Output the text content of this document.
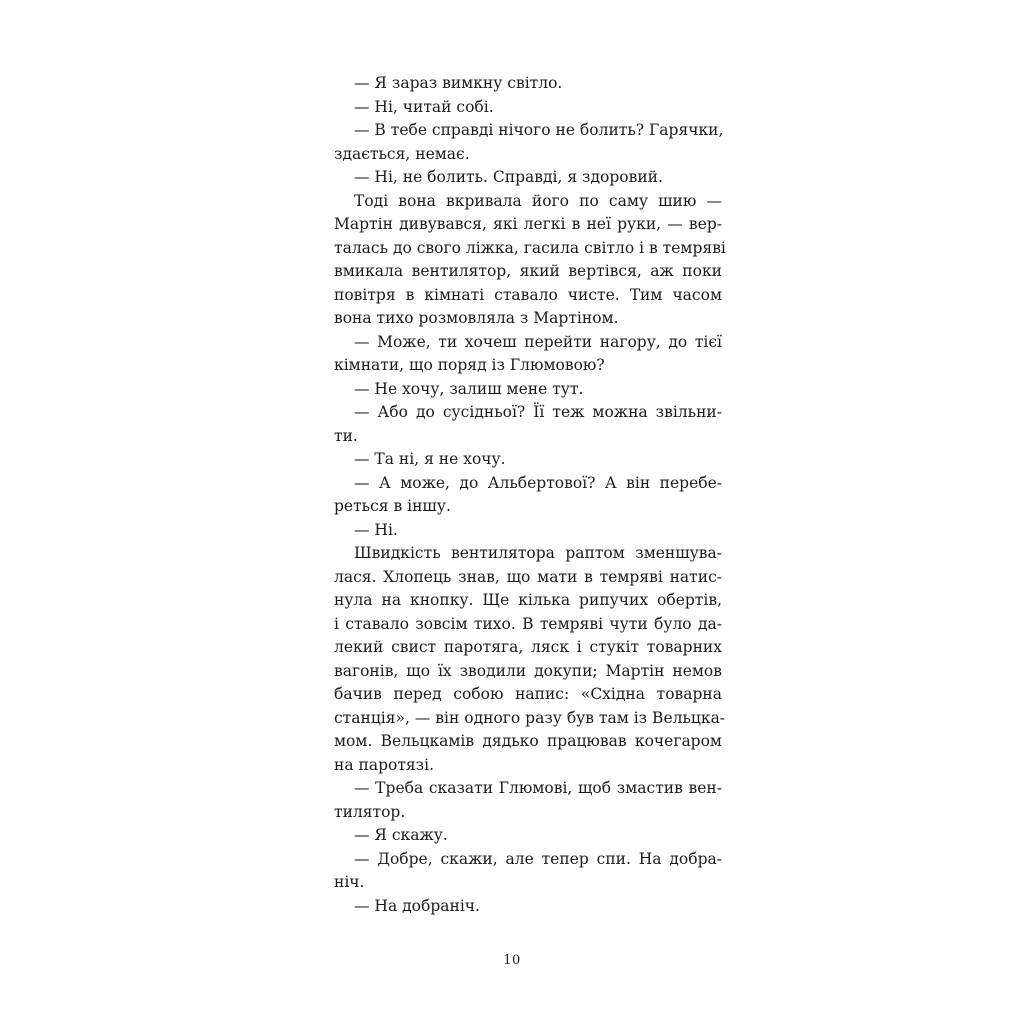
— Я зараз вимкну світло.
— Ні, читай собі.
— В тебе справді нічого не болить? Гарячки,
здається, немає.
— Ні, не болить. Справді, я здоровий.
Тоді вона вкривала його по саму шию —
Мартін дивувався, які легкі в неї руки, — вер-
талась до свого ліжка, гасила світло і в темряві
вмикала вентилятор, який вертівся, аж поки
повітря в кімнаті ставало чисте. Тим часом
вона тихо розмовляла з Мартіном.
— Може, ти хочеш перейти нагору, до тієї
кімнати, що поряд із Глюмовою?
— Не хочу, залиш мене тут.
— Або до сусідньої? Її теж можна звільни-
ти.
— Та ні, я не хочу.
— А може, до Альбертової? А він перебе-
реться в іншу.
— Ні.
Швидкість вентилятора раптом зменшува-
лася. Хлопець знав, що мати в темряві натис-
нула на кнопку. Ще кілька рипучих обертів,
і ставало зовсім тихо. В темряві чути було да-
лекий свист паротяга, ляск і стукіт товарних
вагонів, що їх зводили докупи; Мартін немов
бачив перед собою напис: «Східна товарна
станція», — він одного разу був там із Вельцка-
мом. Вельцкамів дядько працював кочегаром
на паротязі.
— Треба сказати Глюмові, щоб змастив вен-
тилятор.
— Я скажу.
— Добре, скажи, але тепер спи. На добра-
ніч.
— На добраніч.
10
